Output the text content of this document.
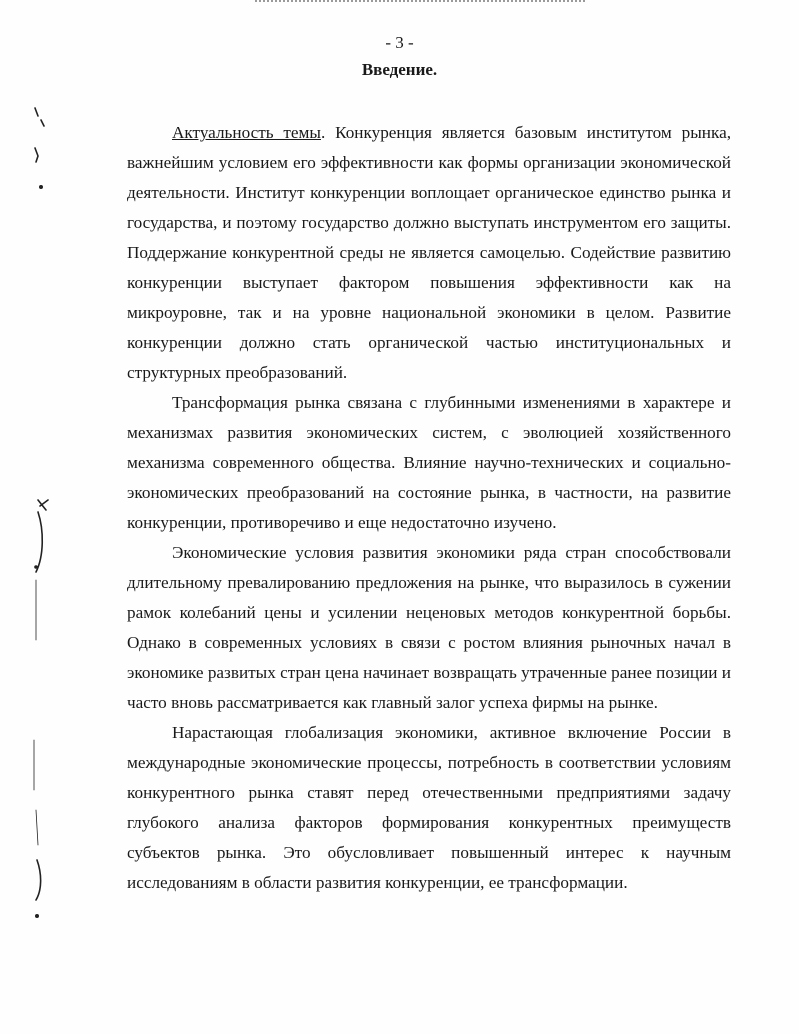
- 3 -
Введение.

Актуальность темы. Конкуренция является базовым институтом рынка, важнейшим условием его эффективности как формы организации экономической деятельности. Институт конкуренции воплощает органическое единство рынка и государства, и поэтому государство должно выступать инструментом его защиты. Поддержание конкурентной среды не является самоцелью. Содействие развитию конкуренции выступает фактором повышения эффективности как на микроуровне, так и на уровне национальной экономики в целом. Развитие конкуренции должно стать органической частью институциональных и структурных преобразований.

Трансформация рынка связана с глубинными изменениями в характере и механизмах развития экономических систем, с эволюцией хозяйственного механизма современного общества. Влияние научно-технических и социально-экономических преобразований на состояние рынка, в частности, на развитие конкуренции, противоречиво и еще недостаточно изучено.

Экономические условия развития экономики ряда стран способствовали длительному превалированию предложения на рынке, что выразилось в сужении рамок колебаний цены и усилении неценовых методов конкурентной борьбы. Однако в современных условиях в связи с ростом влияния рыночных начал в экономике развитых стран цена начинает возвращать утраченные ранее позиции и часто вновь рассматривается как главный залог успеха фирмы на рынке.

Нарастающая глобализация экономики, активное включение России в международные экономические процессы, потребность в соответствии условиям конкурентного рынка ставят перед отечественными предприятиями задачу глубокого анализа факторов формирования конкурентных преимуществ субъектов рынка. Это обусловливает повышенный интерес к научным исследованиям в области развития конкуренции, ее трансформации.
